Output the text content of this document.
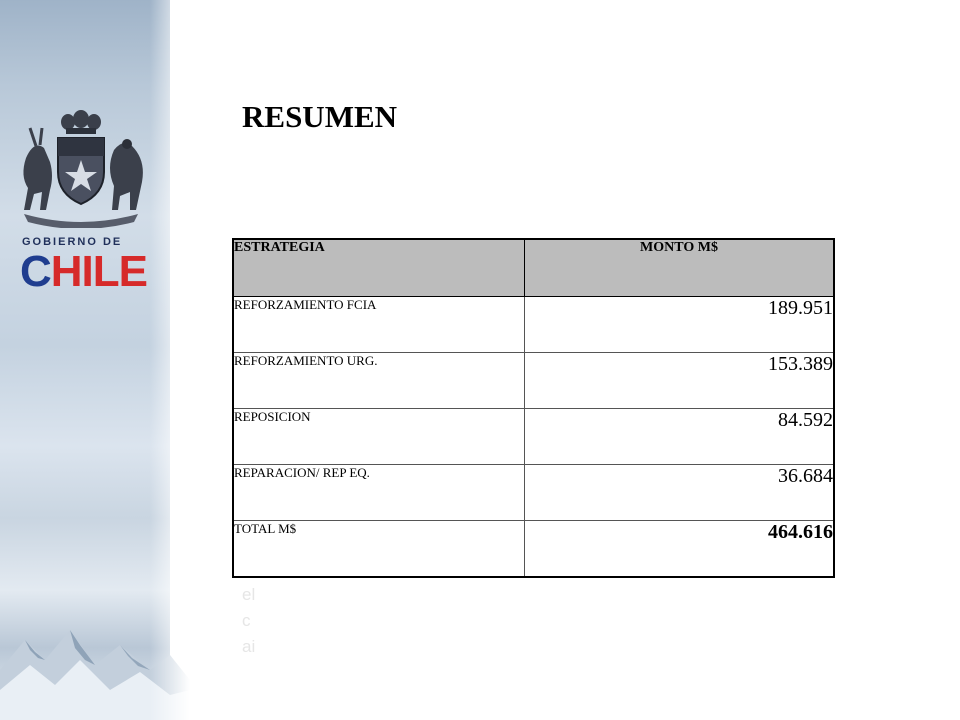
GOBIERNO DE
CHILE
RESUMEN
ESTRATEGIA	MONTO M$
REFORZAMIENTO FCIA	189.951
REFORZAMIENTO URG.	153.389
REPOSICION	84.592
REPARACION/ REP EQ.	36.684
TOTAL M$	464.616
el
c
ai
